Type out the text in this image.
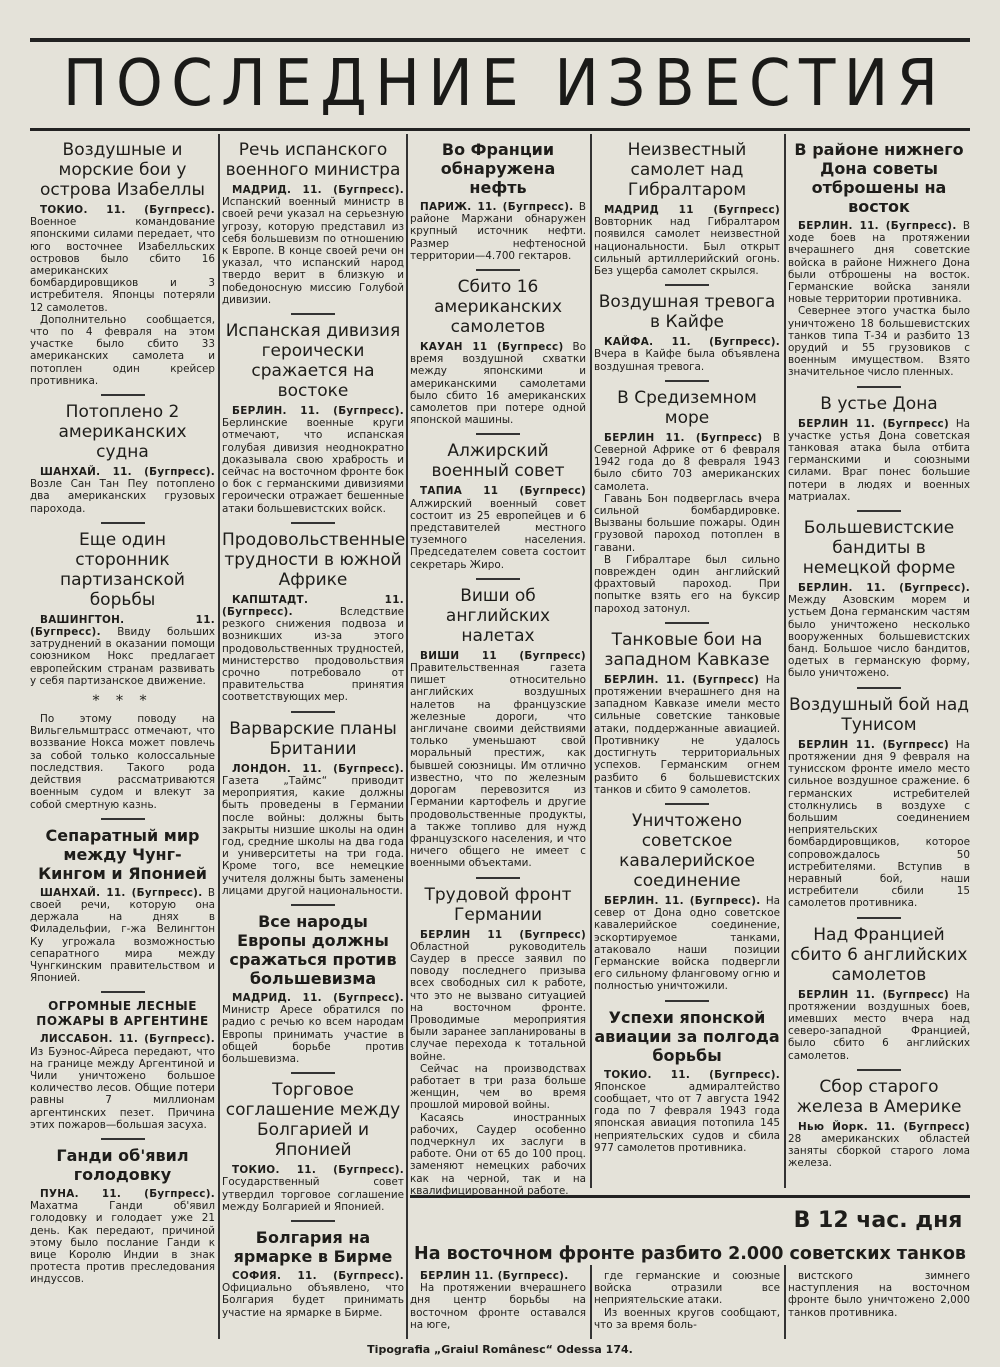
ПОСЛЕДНИЕ ИЗВЕСТИЯ
Воздушные и морские бои у острова Изабеллы

ТОКИО. 11. (Бугпресс). Военное командование японскими силами передает, что юго восточнее Изабелльских островов было сбито 16 американских бомбардировщиков и 3 истребителя. Японцы потеряли 12 самолетов.

Дополнительно сообщается, что по 4 февраля на этом участке было сбито 33 американских самолета и потоплен один крейсер противника.

Потоплено 2 американских судна

ШАНХАЙ. 11. (Бугпресс). Возле Сан Тан Пеу потоплено два американских грузовых парохода.

Еще один сторонник партизанской борьбы

ВАШИНГТОН. 11. (Бугпресс). Ввиду больших затруднений в оказании помощи союзником Нокс предлагает европейским странам развивать у себя партизанское движение.

* * *

По этому поводу на Вильгельмштрасс отмечают, что воззвание Нокса может повлечь за собой только колоссальные последствия. Такого рода действия рассматриваются военным судом и влекут за собой смертную казнь.

Сепаратный мир между Чунг-Кингом и Японией

ШАНХАЙ. 11. (Бугпресс). В своей речи, которую она держала на днях в Филадельфии, г-жа Велингтон Ку угрожала возможностью сепаратного мира между Чунгкинским правительством и Японией.

ОГРОМНЫЕ ЛЕСНЫЕ ПОЖАРЫ В АРГЕНТИНЕ

ЛИССАБОН. 11. (Бугпресс). Из Буэнос-Айреса передают, что на границе между Аргентиной и Чили уничтожено большое количество лесов. Общие потери равны 7 миллионам аргентинских пезет. Причина этих пожаров—большая засуха.

Ганди об'явил голодовку

ПУНА. 11. (Бугпресс). Махатма Ганди об'явил голодовку и голодает уже 21 день. Как передают, причиной этому было послание Ганди к вице Королю Индии в знак протеста против преследования индуссов.

Речь испанского военного министра

МАДРИД. 11. (Бугпресс). Испанский военный министр в своей речи указал на серьезную угрозу, которую представил из себя большевизм по отношению к Европе. В конце своей речи он указал, что испанский народ твердо верит в близкую и победоносную миссию Голубой дивизии.

Испанская дивизия героически сражается на востоке

БЕРЛИН. 11. (Бугпресс). Берлинские военные круги отмечают, что испанская голубая дивизия неоднократно доказывала свою храбрость и сейчас на восточном фронте бок о бок с германскими дивизиями героически отражает бешенные атаки большевистских войск.

Продовольственные трудности в южной Африке

КАПШТАДТ. 11. (Бугпресс).	Вследствие резкого снижения подвоза и возникших из-за этого продовольственных трудностей, министерство продовольствия срочно потребовало от правительства принятия соответствующих мер.

Варварские планы Британии

ЛОНДОН. 11. (Бугпресс). Газета „Таймс“ приводит мероприятия, какие должны быть проведены в Германии после войны: должны быть закрыты низшие школы на один год, средние школы на два года и университеты на три года. Кроме того, все немецкие учителя должны быть заменены лицами другой национальности.

Все народы Европы должны сражаться против большевизма

МАДРИД. 11. (Бугпресс). Министр Аресе обратился по радио с речью ко всем народам Европы принимать участие в общей борьбе против большевизма.

Торговое соглашение между Болгарией и Японией

ТОКИО. 11. (Бугпресс). Государственный совет утвердил торговое соглашение между Болгарией и Японией.

Болгария на ярмарке в Бирме

СОФИЯ. 11. (Бугпресс). Официально объявлено, что Болгария будет принимать участие на ярмарке в Бирме.

Во Франции обнаружена нефть

ПАРИЖ. 11. (Бугпресс). В районе Маржани обнаружен крупный источник нефти. Размер нефтеносной территории—4.700 гектаров.

Сбито 16 американских самолетов

КАУАН 11 (Бугпресс) Во время воздушной схватки между японскими и американскими самолетами было сбито 16 американских самолетов при потере одной японской машины.

Алжирский военный совет

ТАПИА 11 (Бугпресс) Алжирский военный совет состоит из 25 европейцев и 6 представителей местного туземного населения. Председателем совета состоит секретарь Жиро.

Виши об английских налетах

ВИШИ 11 (Бугпресс) Правительственная газета пишет относительно английских воздушных налетов на французские железные дороги, что англичане своими действиями только уменьшают свой моральный престиж, как бывшей союзницы. Им отлично известно, что по железным дорогам перевозится из Германии картофель и другие продовольственные продукты, а также топливо для нужд французского населения, и что ничего общего не имеет с военными объектами.

Трудовой фронт Германии

БЕРЛИН 11 (Бугпресс) Областной руководитель Саудер в прессе заявил по поводу последнего призыва всех свободных сил к работе, что это не вызвано ситуацией на восточном фронте. Проводимые мероприятия были заранее запланированы в случае перехода к тотальной войне.

Сейчас на производствах работает в три раза больше женщин, чем во время прошлой мировой войны.

Касаясь иностранных рабочих, Саудер особенно подчеркнул их заслуги в работе. Они от 65 до 100 проц. заменяют немецких рабочих как на черной, так и на квалифицированной работе.

Неизвестный самолет над Гибралтаром

МАДРИД 11 (Бугпресс) Вовторник над Гибралтаром появился самолет неизвестной национальности. Был открыт сильный артиллерийский огонь. Без ущерба самолет скрылся.

Воздушная тревога в Кайфе

КАЙФА. 11. (Бугпресс). Вчера в Кайфе была объявлена воздушная тревога.

В Средиземном море

БЕРЛИН 11. (Бугпресс) В Северной Африке от 6 февраля 1942 года до 8 февраля 1943 было сбито 703 американских самолета.

Гавань Бон подверглась вчера сильной бомбардировке. Вызваны большие пожары. Один грузовой пароход потоплен в гавани.

В Гибралтаре был сильно поврежден один английский фрахтовый пароход. При попытке взять его на буксир пароход затонул.

Танковые бои на западном Кавказе

БЕРЛИН. 11. (Бугпресс) На протяжении вчерашнего дня на западном Кавказе имели место сильные советские танковые атаки, поддержанные авиацией. Противнику не удалось достигнуть территориальных успехов. Германским огнем разбито 6 большевистских танков и сбито 9 самолетов.

Уничтожено советское кавалерийское соединение

БЕРЛИН. 11. (Бугпресс). На север от Дона одно советское кавалерийское соединение, эскортируемое танками, атаковало наши позиции Германские войска подвергли его сильному фланговому огню и полностью уничтожили.

Успехи японской авиации за полгода борьбы

ТОКИО. 11. (Бугпресс). Японское адмиралтейство сообщает, что от 7 августа 1942 года по 7 февраля 1943 года японская авиация потопила 145 неприятельских судов и сбила 977 самолетов противника.

В районе нижнего Дона советы отброшены на восток

БЕРЛИН. 11. (Бугпресс). В ходе боев на протяжении вчерашнего дня советские войска в районе Нижнего Дона были отброшены на восток. Германские войска заняли новые территории противника.

Севернее этого участка было уничтожено 18 большевистских танков типа Т-34 и разбито 13 орудий и 55 грузовиков с военным имуществом. Взято значительное число пленных.

В устье Дона

БЕРЛИН 11. (Бугпресс) На участке устья Дона советская танковая атака была отбита германскими и союзными силами. Враг понес большие потери в людях и военных матриалах.

Большевистские бандиты в немецкой форме

БЕРЛИН. 11. (Бугпресс). Между Азовским морем и устьем Дона германским частям было уничтожено несколько вооруженных большевистских банд. Большое число бандитов, одетых в германскую форму, было уничтожено.

Воздушный бой над Тунисом

БЕРЛИН 11. (Бугпресс) На протяжении дня 9 февраля на тунисском фронте имело место сильное воздушное сражение. 6 германских истребителей столкнулись в воздухе с большим соединением неприятельских бомбардировщиков, которое сопровождалось 50 истребителями. Вступив в неравный бой, наши истребители сбили 15 самолетов противника.

Над Францией сбито 6 английских самолетов

БЕРЛИН 11. (Бугпресс) На протяжении воздушных боев, имевших место вчера над северо-западной Францией, было сбито 6 английских самолетов.

Сбор старого железа в Америке

Нью Йорк. 11. (Бугпресс) 28 американских областей заняты сборкой старого лома железа.

В 12 час. дня
На восточном фронте разбито 2.000 советских танков

БЕРЛИН 11. (Бугпресс).

На протяжении вчерашнего дня центр борьбы на восточном фронте оставался на юге,

где германские и союзные войска отразили все неприятельские атаки.

Из военных кругов сообщают, что за время боль-

вистского зимнего наступления на восточном фронте было уничтожено 2,000 танков противника.

Tipografia „Graiul Românesc“ Odessa 174.
